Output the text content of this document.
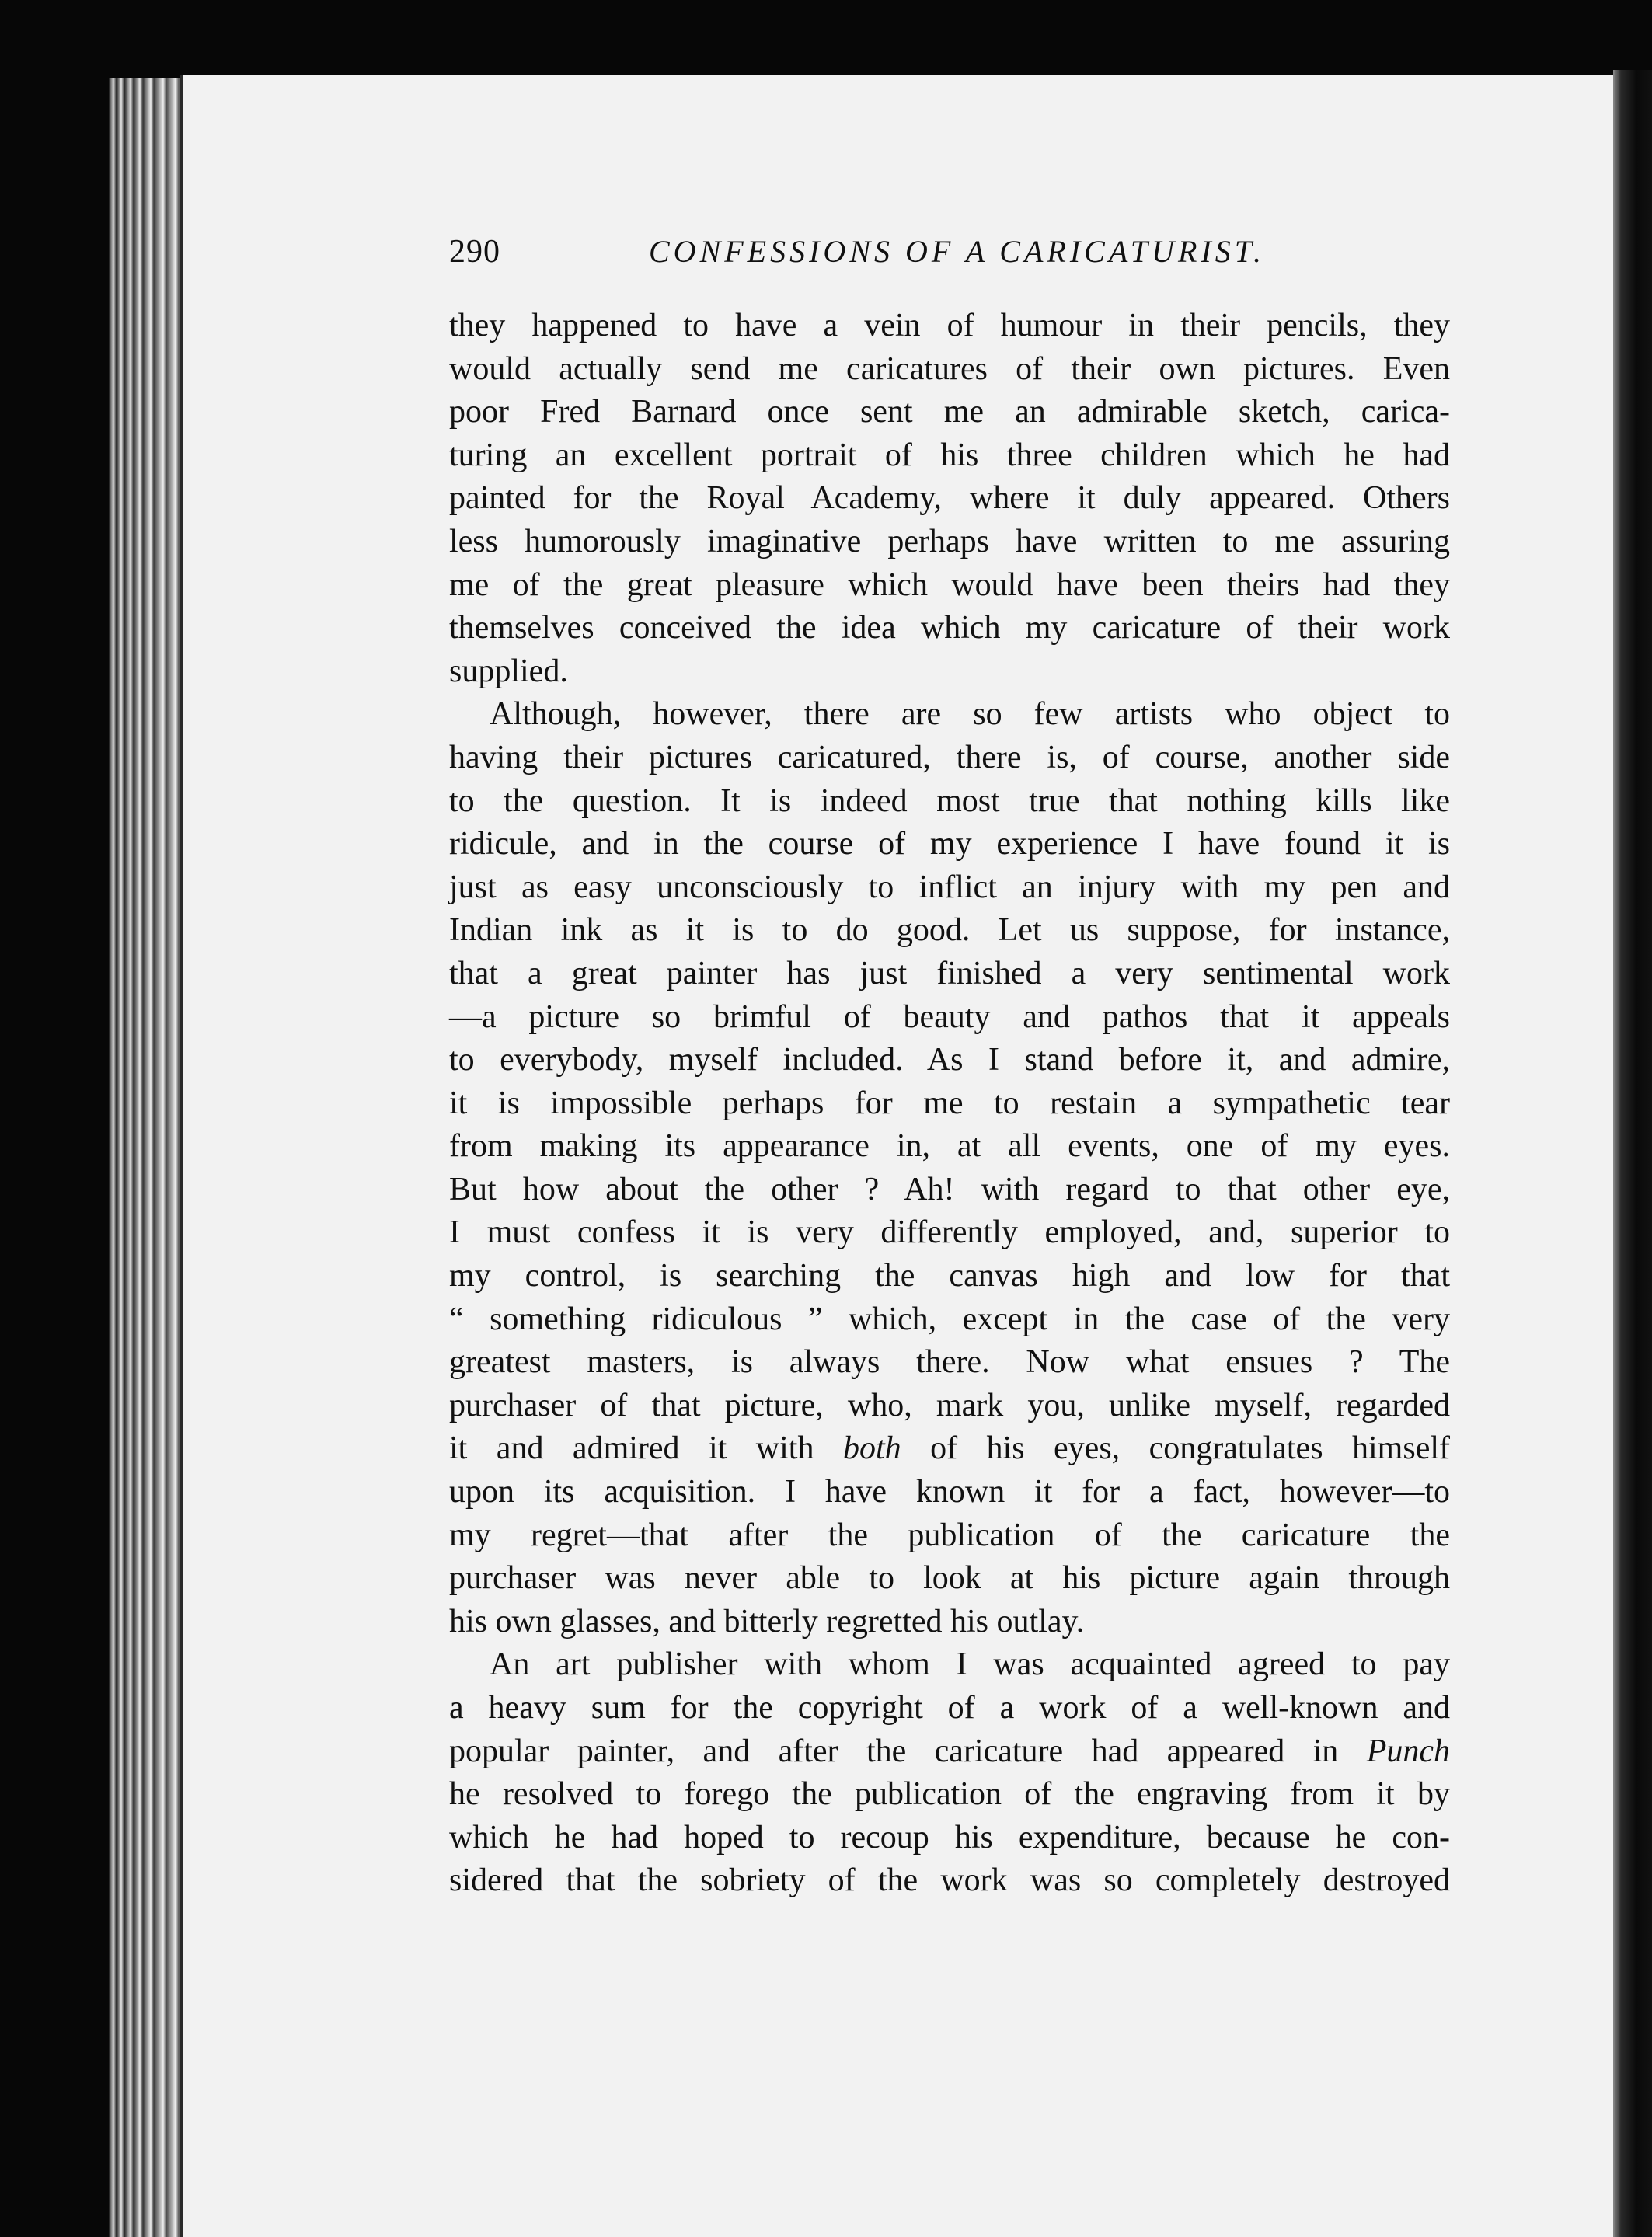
290	CONFESSIONS OF A CARICATURIST.
they happened to have a vein of humour in their pencils, they
would actually send me caricatures of their own pictures. Even
poor Fred Barnard once sent me an admirable sketch, carica-
turing an excellent portrait of his three children which he had
painted for the Royal Academy, where it duly appeared. Others
less humorously imaginative perhaps have written to me assuring
me of the great pleasure which would have been theirs had they
themselves conceived the idea which my caricature of their work
supplied.
Although, however, there are so few artists who object to
having their pictures caricatured, there is, of course, another side
to the question. It is indeed most true that nothing kills like
ridicule, and in the course of my experience I have found it is
just as easy unconsciously to inflict an injury with my pen and
Indian ink as it is to do good. Let us suppose, for instance,
that a great painter has just finished a very sentimental work
—a picture so brimful of beauty and pathos that it appeals
to everybody, myself included. As I stand before it, and admire,
it is impossible perhaps for me to restain a sympathetic tear
from making its appearance in, at all events, one of my eyes.
But how about the other ? Ah! with regard to that other eye,
I must confess it is very differently employed, and, superior to
my control, is searching the canvas high and low for that
“ something ridiculous ” which, except in the case of the very
greatest masters, is always there. Now what ensues ? The
purchaser of that picture, who, mark you, unlike myself, regarded
it and admired it with both of his eyes, congratulates himself
upon its acquisition. I have known it for a fact, however—to
my regret—that after the publication of the caricature the
purchaser was never able to look at his picture again through
his own glasses, and bitterly regretted his outlay.
An art publisher with whom I was acquainted agreed to pay
a heavy sum for the copyright of a work of a well-known and
popular painter, and after the caricature had appeared in Punch
he resolved to forego the publication of the engraving from it by
which he had hoped to recoup his expenditure, because he con-
sidered that the sobriety of the work was so completely destroyed
